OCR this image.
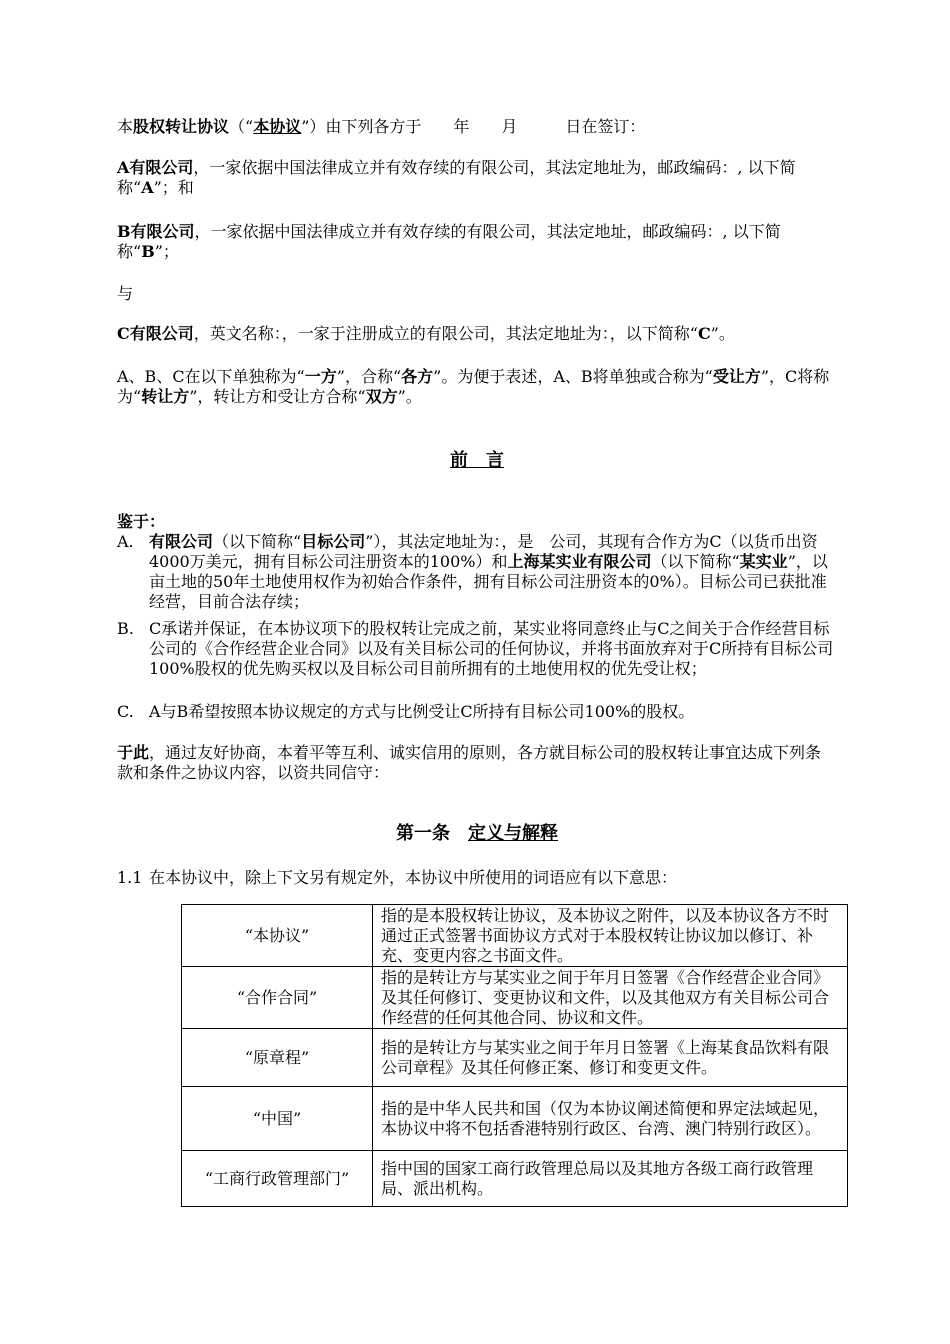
本股权转让协议（“本协议”）由下列各方于　　年　　月　　　日在签订：

A有限公司，一家依据中国法律成立并有效存续的有限公司，其法定地址为，邮政编码：, 以下简称“A”；和

B有限公司，一家依据中国法律成立并有效存续的有限公司，其法定地址，邮政编码：, 以下简称“B”；

与

C有限公司，英文名称：，一家于注册成立的有限公司，其法定地址为：，以下简称“C”。

A、B、C在以下单独称为“一方”，合称“各方”。为便于表述，A、B将单独或合称为“受让方”，C将称为“转让方”，转让方和受让方合称“双方”。

前　言

鉴于：

A. 有限公司（以下简称“目标公司”），其法定地址为：，是　公司，其现有合作方为C（以货币出资4000万美元，拥有目标公司注册资本的100%）和上海某实业有限公司（以下简称“某实业”，以　亩土地的50年土地使用权作为初始合作条件，拥有目标公司注册资本的0%）。目标公司已获批准经营，目前合法存续；
B. C承诺并保证，在本协议项下的股权转让完成之前，某实业将同意终止与C之间关于合作经营目标公司的《合作经营企业合同》以及有关目标公司的任何协议，并将书面放弃对于C所持有目标公司100%股权的优先购买权以及目标公司目前所拥有的土地使用权的优先受让权；
C. A与B希望按照本协议规定的方式与比例受让C所持有目标公司100%的股权。

于此，通过友好协商，本着平等互利、诚实信用的原则，各方就目标公司的股权转让事宜达成下列条款和条件之协议内容，以资共同信守：

第一条　 定义与解释
1.1 在本协议中，除上下文另有规定外，本协议中所使用的词语应有以下意思：
“本协议”	指的是本股权转让协议，及本协议之附件，以及本协议各方不时通过正式签署书面协议方式对于本股权转让协议加以修订、补充、变更内容之书面文件。
“合作合同”	指的是转让方与某实业之间于年月日签署《合作经营企业合同》及其任何修订、变更协议和文件，以及其他双方有关目标公司合作经营的任何其他合同、协议和文件。
“原章程”	指的是转让方与某实业之间于年月日签署《上海某食品饮料有限公司章程》及其任何修正案、修订和变更文件。
“中国”	指的是中华人民共和国（仅为本协议阐述简便和界定法域起见，本协议中将不包括香港特别行政区、台湾、澳门特别行政区）。
“工商行政管理部门”	指中国的国家工商行政管理总局以及其地方各级工商行政管理局、派出机构。
